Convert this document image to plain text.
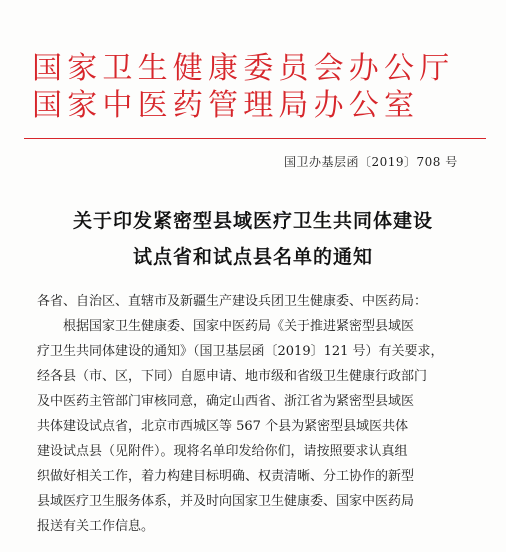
国家卫生健康委员会办公厅
国家中医药管理局办公室
国卫办基层函〔2019〕708 号
关于印发紧密型县域医疗卫生共同体建设
试点省和试点县名单的通知

各省、自治区、直辖市及新疆生产建设兵团卫生健康委、中医药局：

根据国家卫生健康委、国家中医药局《关于推进紧密型县域医

疗卫生共同体建设的通知》（国卫基层函〔2019〕121 号）有关要求，

经各县（市、区，下同）自愿申请、地市级和省级卫生健康行政部门

及中医药主管部门审核同意，确定山西省、浙江省为紧密型县域医

共体建设试点省，北京市西城区等 567 个县为紧密型县域医共体

建设试点县（见附件）。现将名单印发给你们，请按照要求认真组

织做好相关工作，着力构建目标明确、权责清晰、分工协作的新型

县域医疗卫生服务体系，并及时向国家卫生健康委、国家中医药局

报送有关工作信息。
